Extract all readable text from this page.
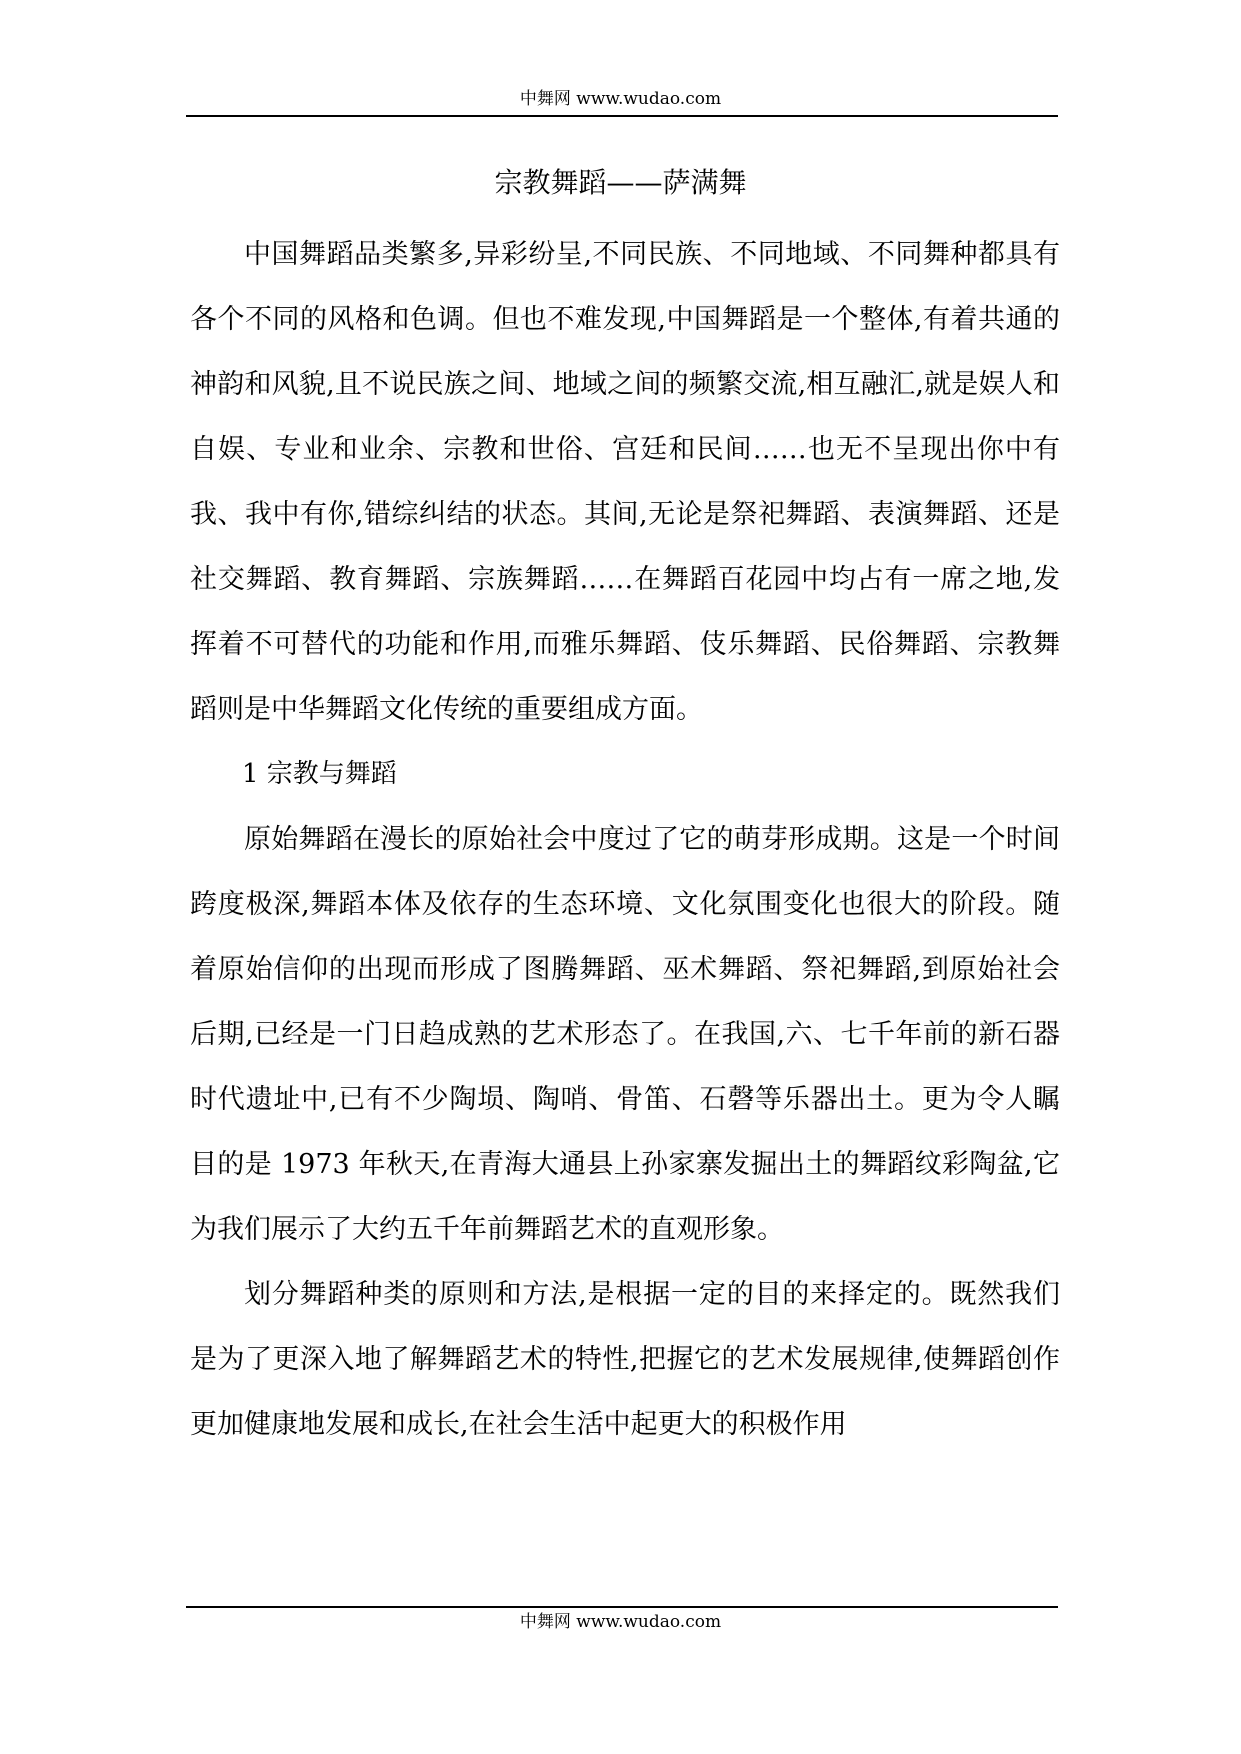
中舞网 www.wudao.com
宗教舞蹈——萨满舞

中国舞蹈品类繁多,异彩纷呈,不同民族、不同地域、不同舞种都具有各个不同的风格和色调。但也不难发现,中国舞蹈是一个整体,有着共通的神韵和风貌,且不说民族之间、地域之间的频繁交流,相互融汇,就是娱人和自娱、专业和业余、宗教和世俗、宫廷和民间……也无不呈现出你中有我、我中有你,错综纠结的状态。其间,无论是祭祀舞蹈、表演舞蹈、还是社交舞蹈、教育舞蹈、宗族舞蹈……在舞蹈百花园中均占有一席之地,发挥着不可替代的功能和作用,而雅乐舞蹈、伎乐舞蹈、民俗舞蹈、宗教舞蹈则是中华舞蹈文化传统的重要组成方面。

1 宗教与舞蹈

原始舞蹈在漫长的原始社会中度过了它的萌芽形成期。这是一个时间跨度极深,舞蹈本体及依存的生态环境、文化氛围变化也很大的阶段。随着原始信仰的出现而形成了图腾舞蹈、巫术舞蹈、祭祀舞蹈,到原始社会后期,已经是一门日趋成熟的艺术形态了。在我国,六、七千年前的新石器时代遗址中,已有不少陶埙、陶哨、骨笛、石磬等乐器出土。更为令人瞩目的是 1973 年秋天,在青海大通县上孙家寨发掘出土的舞蹈纹彩陶盆,它为我们展示了大约五千年前舞蹈艺术的直观形象。

划分舞蹈种类的原则和方法,是根据一定的目的来择定的。既然我们是为了更深入地了解舞蹈艺术的特性,把握它的艺术发展规律,使舞蹈创作更加健康地发展和成长,在社会生活中起更大的积极作用

中舞网 www.wudao.com
